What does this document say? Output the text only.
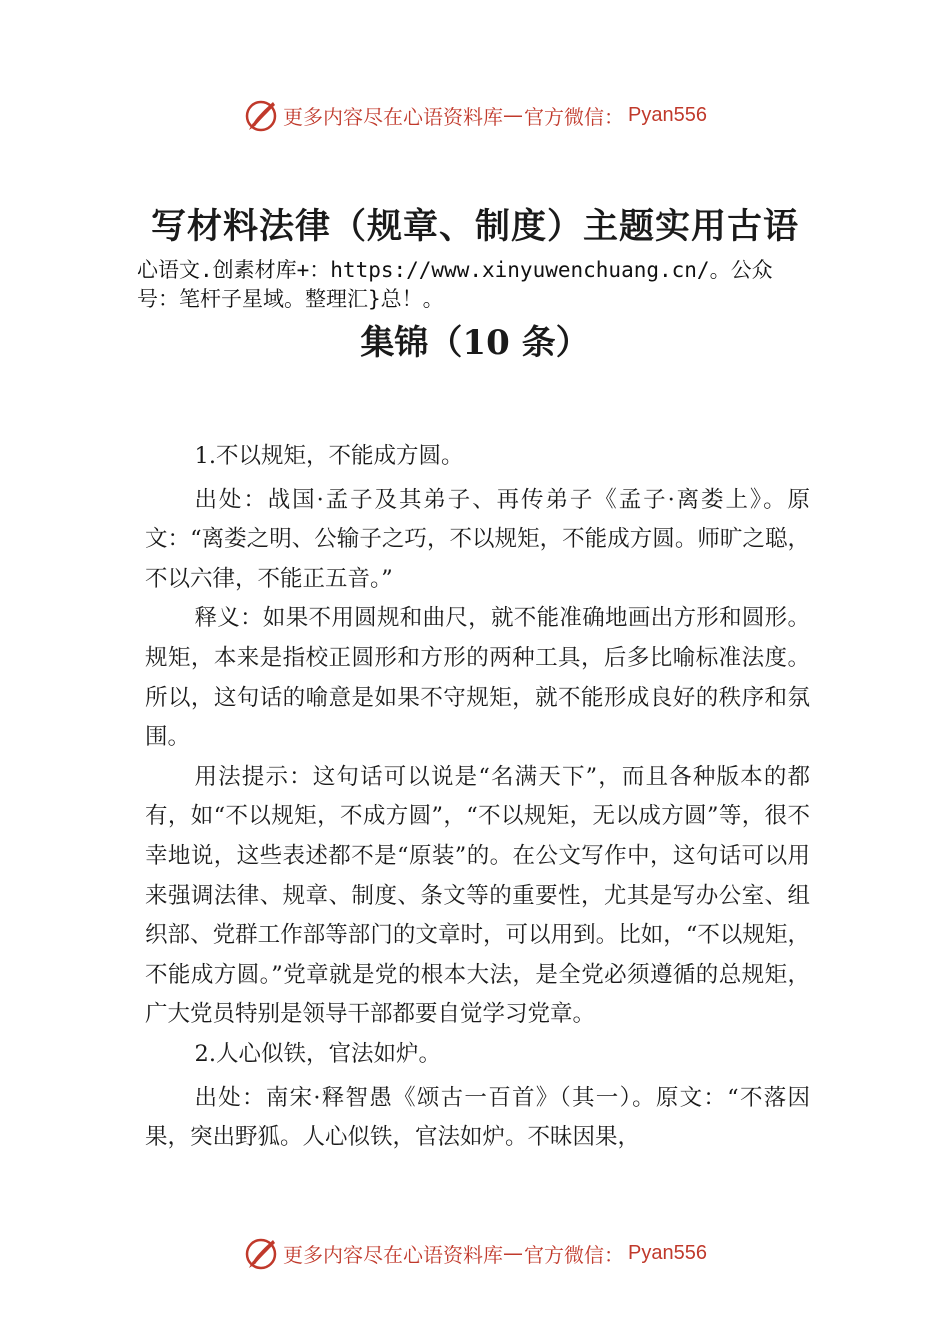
更多内容尽在心语资料库 — 官方微信： Pyan556
写材料法律（规章、制度）主题实用古语
心语文.创素材库+：https://www.xinyuwenchuang.cn/。公众
号：笔杆子星域。整理汇}总！。
集锦（10 条）

1.不以规矩，不能成方圆。

出处：战国·孟子及其弟子、再传弟子《孟子·离娄上》。原文：“离娄之明、公输子之巧，不以规矩，不能成方圆。师旷之聪，不以六律，不能正五音。”

释义：如果不用圆规和曲尺，就不能准确地画出方形和圆形。规矩，本来是指校正圆形和方形的两种工具，后多比喻标准法度。所以，这句话的喻意是如果不守规矩，就不能形成良好的秩序和氛围。

用法提示：这句话可以说是“名满天下”，而且各种版本的都有，如“不以规矩，不成方圆”，“不以规矩，无以成方圆”等，很不幸地说，这些表述都不是“原装”的。在公文写作中，这句话可以用来强调法律、规章、制度、条文等的重要性，尤其是写办公室、组织部、党群工作部等部门的文章时，可以用到。比如，“不以规矩，不能成方圆。”党章就是党的根本大法，是全党必须遵循的总规矩，广大党员特别是领导干部都要自觉学习党章。

2.人心似铁，官法如炉。

出处：南宋·释智愚《颂古一百首》（其一）。原文：“不落因果，突出野狐。人心似铁，官法如炉。不昧因果，

更多内容尽在心语资料库 — 官方微信： Pyan556
